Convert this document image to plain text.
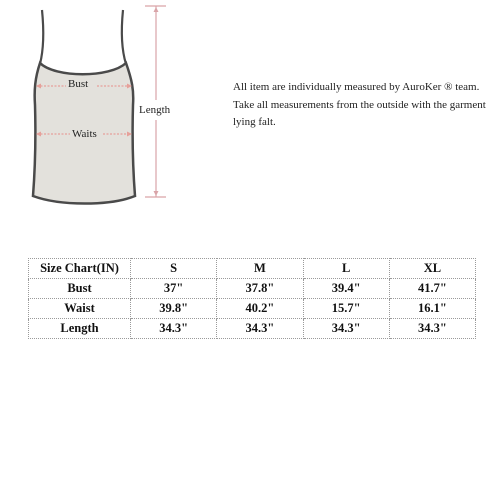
Bust
Waits
Length

All item are individually measured by AuroKer ® team.

Take all measurements from the outside with the garment lying falt.

Size Chart(IN)	S	M	L	XL
Bust	37"	37.8"	39.4"	41.7"
Waist	39.8"	40.2"	15.7"	16.1"
Length	34.3"	34.3"	34.3"	34.3"
